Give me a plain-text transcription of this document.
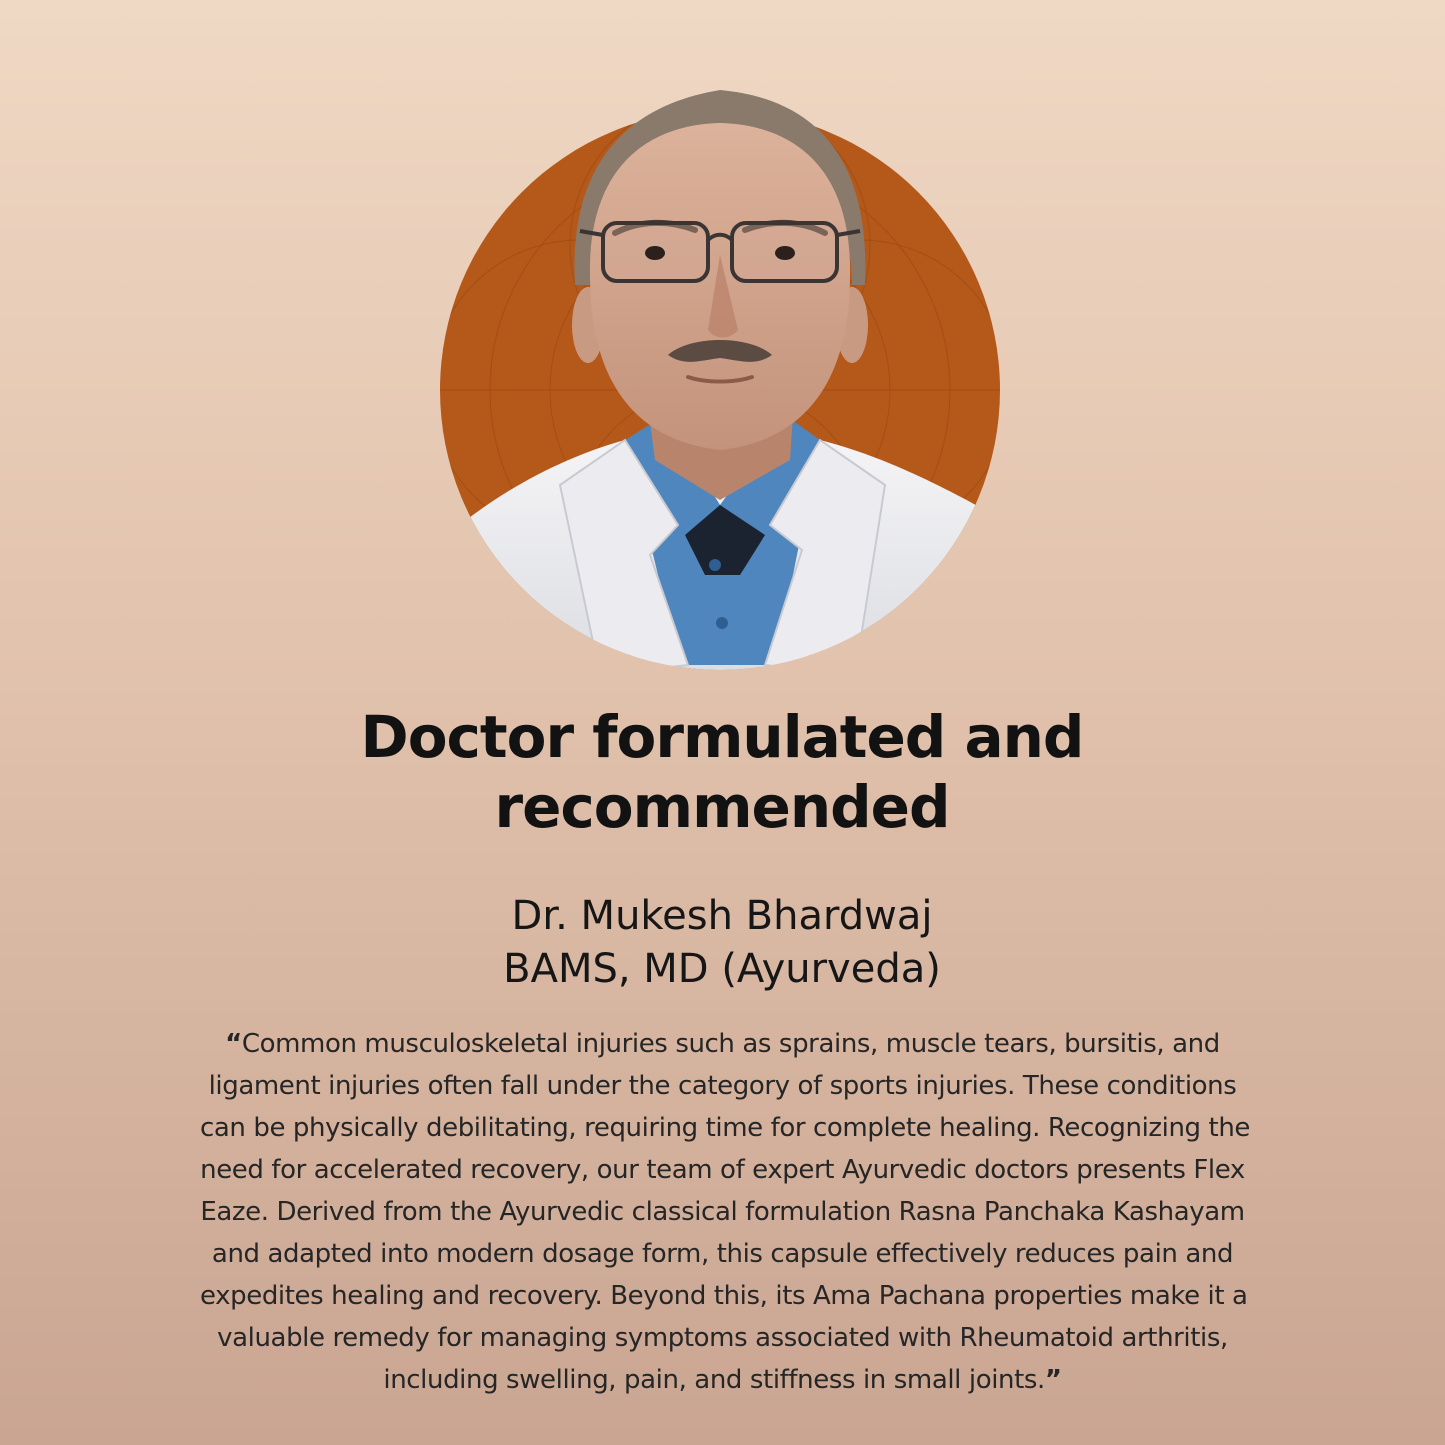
Doctor formulated and
recommended
Dr. Mukesh Bhardwaj
BAMS, MD (Ayurveda)

“Common musculoskeletal injuries such as sprains, muscle tears, bursitis, and
ligament injuries often fall under the category of sports injuries. These conditions
can be physically debilitating, requiring time for complete healing. Recognizing the
need for accelerated recovery, our team of expert Ayurvedic doctors presents Flex
Eaze. Derived from the Ayurvedic classical formulation Rasna Panchaka Kashayam
and adapted into modern dosage form, this capsule effectively reduces pain and
expedites healing and recovery. Beyond this, its Ama Pachana properties make it a
valuable remedy for managing symptoms associated with Rheumatoid arthritis,
including swelling, pain, and stiffness in small joints.”
